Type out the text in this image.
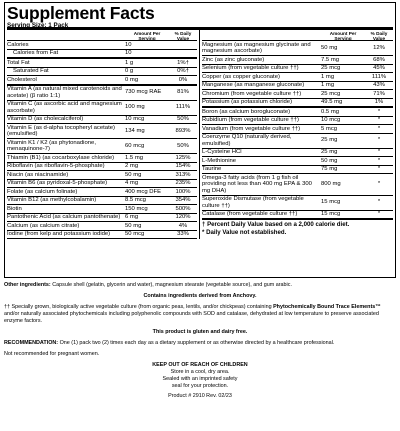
Supplement Facts
Serving Size: 1 Pack
Amount Per Serving
% Daily Value
Calories	10
Calories from Fat	10
Total Fat	1 g	1%†
Saturated Fat	0 g	0%†
Cholesterol	0 mg	0%
Vitamin A (as natural mixed carotenoids and acetate) (β ratio 1:1)
730 mcg RAE	81%
Vitamin C (as ascorbic acid and magnesium ascorbate)
100 mg	111%
Vitamin D (as cholecalciferol)	10 mcg	50%
Vitamin E (as d-alpha tocopheryl acetate) (emulsified)
134 mg	893%
Vitamin K1 / K2 (as phytonadione, menaquinone-7)
60 mcg	50%
Thiamin (B1) (as cocarboxylase chloride)	1.5 mg	125%
Riboflavin (as riboflavin-5-phosphate)	2 mg	154%
Niacin (as niacinamide)	50 mg	313%
Vitamin B6 (as pyridoxal-5-phosphate)	4 mg	235%
Folate (as calcium folinate)	400 mcg DFE	100%
Vitamin B12 (as methylcobalamin)	8.5 mcg	354%
Biotin	150 mcg	500%
Pantothenic Acid (as calcium pantothenate) 6 mg	120%
Calcium (as calcium citrate)	50 mg	4%
Iodine (from kelp and potassium iodide)	50 mcg	33%
Amount Per Serving
% Daily Value
Magnesium (as magnesium glycinate and magnesium ascorbate)
50 mg	12%
Zinc (as zinc gluconate)	7.5 mg	68%
Selenium (from vegetable culture ††)	25 mcg	45%
Copper (as copper gluconate)	1 mg	111%
Manganese (as manganese gluconate)	1 mg	43%
Chromium (from vegetable culture ††)	25 mcg	71%
Potassium (as potassium chloride)	49.5 mg	1%
Boron (as calcium borogluconate)	0.5 mg	*
Rubidium (from vegetable culture ††)	10 mcg	*
Vanadium (from vegetable culture ††)	5 mcg	*
Coenzyme Q10 (naturally derived, emulsified)
25 mg	*
L-Cysteine HCl	25 mg	*
L-Methionine	50 mg	*
Taurine	75 mg	*
Omega-3 fatty acids (from 1 g fish oil providing not less than 400 mg EPA & 300 mg DHA)
800 mg	*
Superoxide Dismutase (from vegetable culture ††)
15 mcg	*
Catalase (from vegetable culture ††)	15 mcg	*
† Percent Daily Value based on a 2,000 calorie diet.
* Daily Value not established.

Other ingredients: Capsule shell (gelatin, glycerin and water), magnesium stearate (vegetable source), and gum arabic.

Contains ingredients derived from Anchovy.

†† Specially grown, biologically active vegetable culture (from organic peas, lentils, and/or chickpeas) containing Phytochemically Bound Trace Elements™ and/or naturally associated phytochemicals including polyphenolic compounds with SOD and catalase, dehydrated at low temperature to preserve associated enzyme factors.

This product is gluten and dairy free.

RECOMMENDATION: One (1) pack two (2) times each day as a dietary supplement or as otherwise directed by a healthcare professional.

Not recommended for pregnant women.

KEEP OUT OF REACH OF CHILDREN
Store in a cool, dry area.
Sealed with an imprinted safety
seal for your protection.
Product # 2910 Rev. 02/23
